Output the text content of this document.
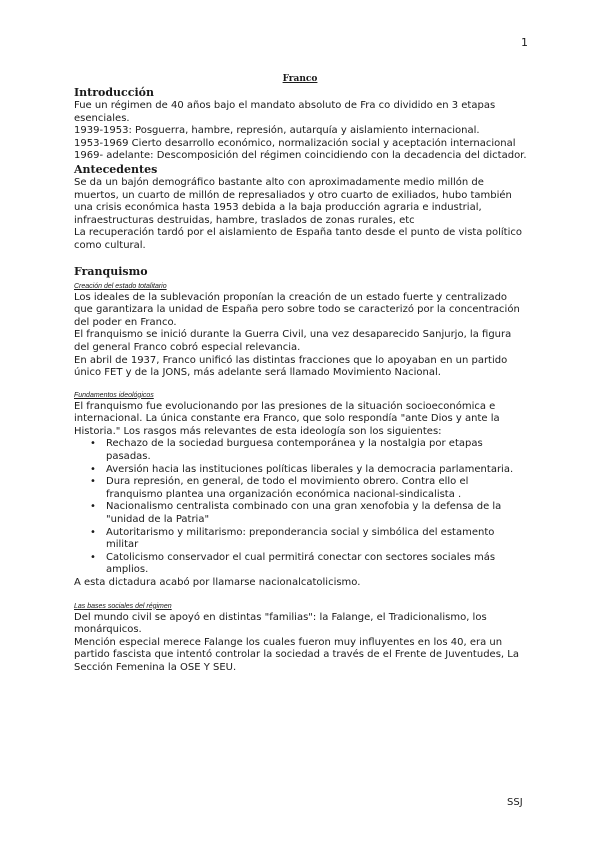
1
Franco
Introducción

Fue un régimen de 40 años bajo el mandato absoluto de Fra co dividido en 3 etapas esenciales.

1939-1953: Posguerra, hambre, represión, autarquía y aislamiento internacional.

1953-1969 Cierto desarrollo económico, normalización social y aceptación internacional

1969- adelante: Descomposición del régimen coincidiendo con la decadencia del dictador.

Antecedentes

Se da un bajón demográfico bastante alto con aproximadamente medio millón de muertos, un cuarto de millón de represaliados y otro cuarto de exiliados, hubo también una crisis económica hasta 1953 debida a la baja producción agraria e industrial, infraestructuras destruidas, hambre, traslados de zonas rurales, etc

La recuperación tardó por el aislamiento de España tanto desde el punto de vista político como cultural.

Franquismo

Creación del estado totalitario

Los ideales de la sublevación proponían la creación de un estado fuerte y centralizado que garantizara la unidad de España pero sobre todo se caracterizó por la concentración del poder en Franco.

El franquismo se inició durante la Guerra Civil, una vez desaparecido Sanjurjo, la figura del general Franco cobró especial relevancia.

En abril de 1937, Franco unificó las distintas fracciones que lo apoyaban en un partido único FET y de la JONS, más adelante será llamado Movimiento Nacional.

Fundamentos ideológicos

El franquismo fue evolucionando por las presiones de la situación socioeconómica e internacional. La única constante era Franco, que solo respondía "ante Dios y ante la Historia." Los rasgos más relevantes de esta ideología son los siguientes:

• Rechazo de la sociedad burguesa contemporánea y la nostalgia por etapas pasadas.
• Aversión hacia las instituciones políticas liberales y la democracia parlamentaria.
• Dura represión, en general, de todo el movimiento obrero. Contra ello el franquismo plantea una organización económica nacional-sindicalista .
• Nacionalismo centralista combinado con una gran xenofobia y la defensa de la "unidad de la Patria"
• Autoritarismo y militarismo: preponderancia social y simbólica del estamento militar
• Catolicismo conservador el cual permitirá conectar con sectores sociales más amplios.

A esta dictadura acabó por llamarse nacionalcatolicismo.

Las bases sociales del régimen

Del mundo civil se apoyó en distintas "familias": la Falange, el Tradicionalismo, los monárquicos.

Mención especial merece Falange los cuales fueron muy influyentes en los 40, era un partido fascista que intentó controlar la sociedad a través de el Frente de Juventudes, La Sección Femenina la OSE Y SEU.

SSJ
